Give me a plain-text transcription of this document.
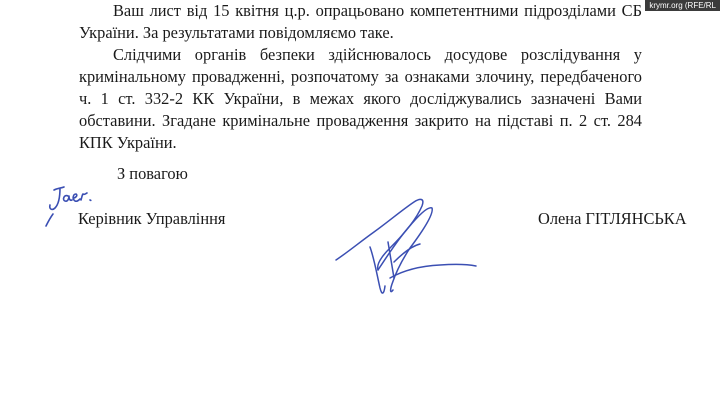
Ваш лист від 15 квітня ц.р. опрацьовано компетентними підрозділами СБ України. За результатами повідомляємо таке.

Слідчими органів безпеки здійснювалось досудове розслідування у кримінальному провадженні, розпочатому за ознаками злочину, передбаченого ч. 1 ст. 332-2 КК України, в межах якого досліджувались зазначені Вами обставини. Згадане кримінальне провадження закрито на підставі п. 2 ст. 284 КПК України.

З повагою
Керівник Управління	Олена ГІТЛЯНСЬКА
krymr.org (RFE/RL
